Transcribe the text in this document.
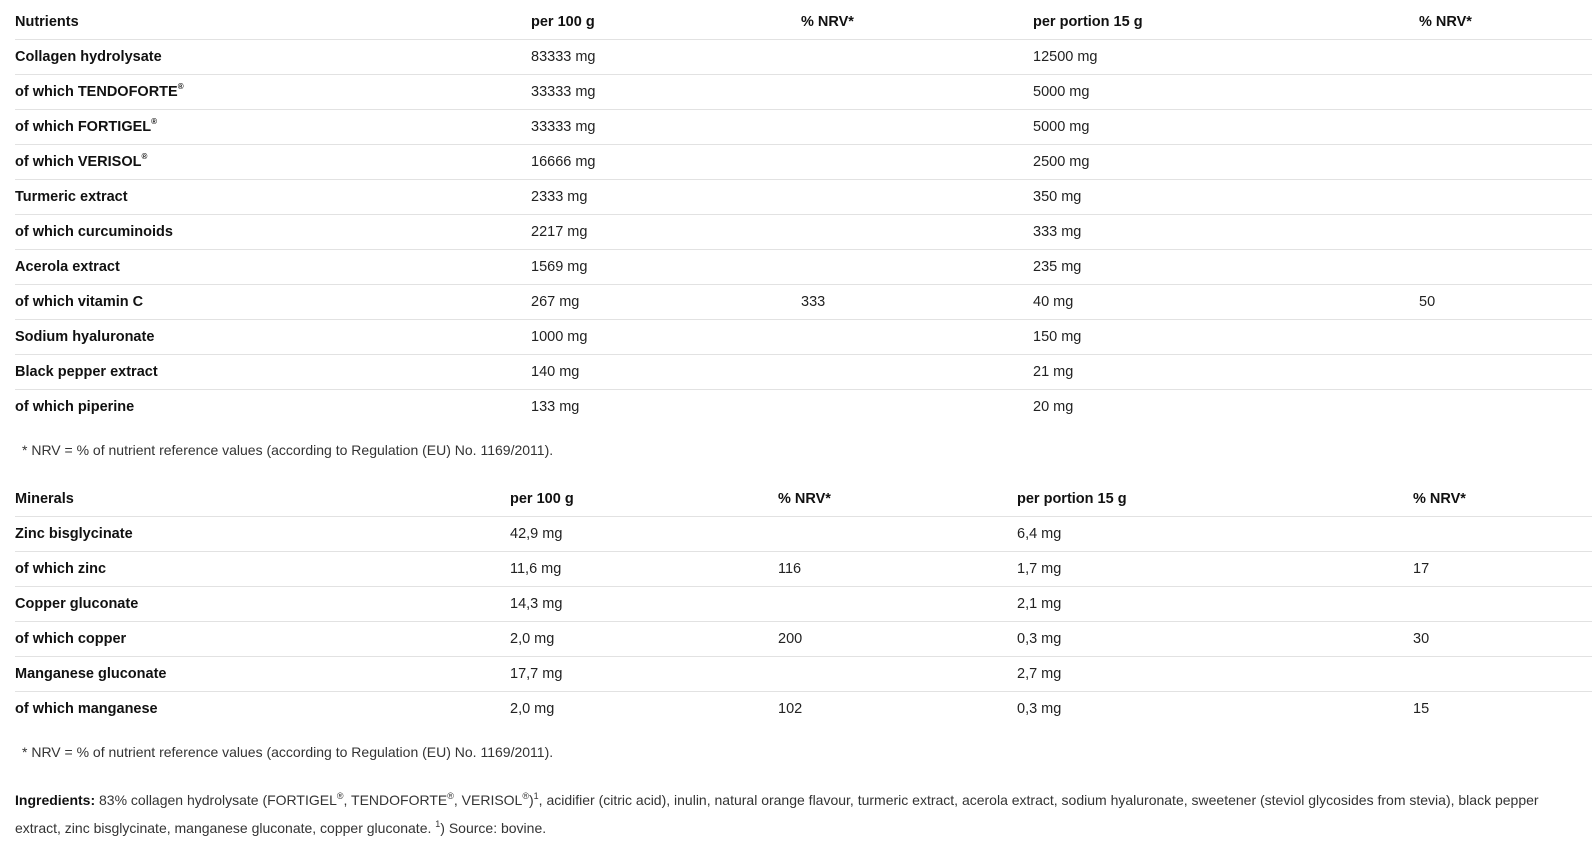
Nutrients	per 100 g	% NRV*	per portion 15 g	% NRV*
Collagen hydrolysate	83333 mg		12500 mg	
of which TENDOFORTE®	33333 mg		5000 mg	
of which FORTIGEL®	33333 mg		5000 mg	
of which VERISOL®	16666 mg		2500 mg	
Turmeric extract	2333 mg		350 mg	
of which curcuminoids	2217 mg		333 mg	
Acerola extract	1569 mg		235 mg	
of which vitamin C	267 mg	333	40 mg	50
Sodium hyaluronate	1000 mg		150 mg	
Black pepper extract	140 mg		21 mg	
of which piperine	133 mg		20 mg	

* NRV = % of nutrient reference values (according to Regulation (EU) No. 1169/2011).

Minerals	per 100 g	% NRV*	per portion 15 g	% NRV*
Zinc bisglycinate	42,9 mg		6,4 mg	
of which zinc	11,6 mg	116	1,7 mg	17
Copper gluconate	14,3 mg		2,1 mg	
of which copper	2,0 mg	200	0,3 mg	30
Manganese gluconate	17,7 mg		2,7 mg	
of which manganese	2,0 mg	102	0,3 mg	15

* NRV = % of nutrient reference values (according to Regulation (EU) No. 1169/2011).

Ingredients: 83% collagen hydrolysate (FORTIGEL®, TENDOFORTE®, VERISOL®)$^1$, acidifier (citric acid), inulin, natural orange flavour, turmeric extract, acerola extract, sodium hyaluronate, sweetener (steviol glycosides from stevia), black pepper extract, zinc bisglycinate, manganese gluconate, copper gluconate. $^1$) Source: bovine.
